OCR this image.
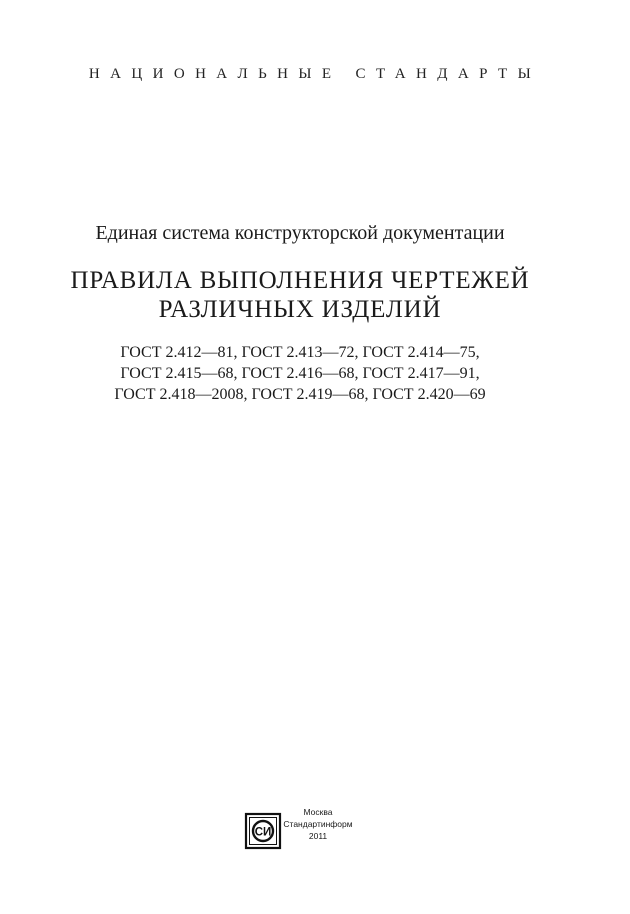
НАЦИОНАЛЬНЫЕ СТАНДАРТЫ
Единая система конструкторской документации
ПРАВИЛА ВЫПОЛНЕНИЯ ЧЕРТЕЖЕЙ
РАЗЛИЧНЫХ ИЗДЕЛИЙ
ГОСТ 2.412—81, ГОСТ 2.413—72, ГОСТ 2.414—75,
ГОСТ 2.415—68, ГОСТ 2.416—68, ГОСТ 2.417—91,
ГОСТ 2.418—2008, ГОСТ 2.419—68, ГОСТ 2.420—69
СИ
Москва
Стандартинформ
2011
